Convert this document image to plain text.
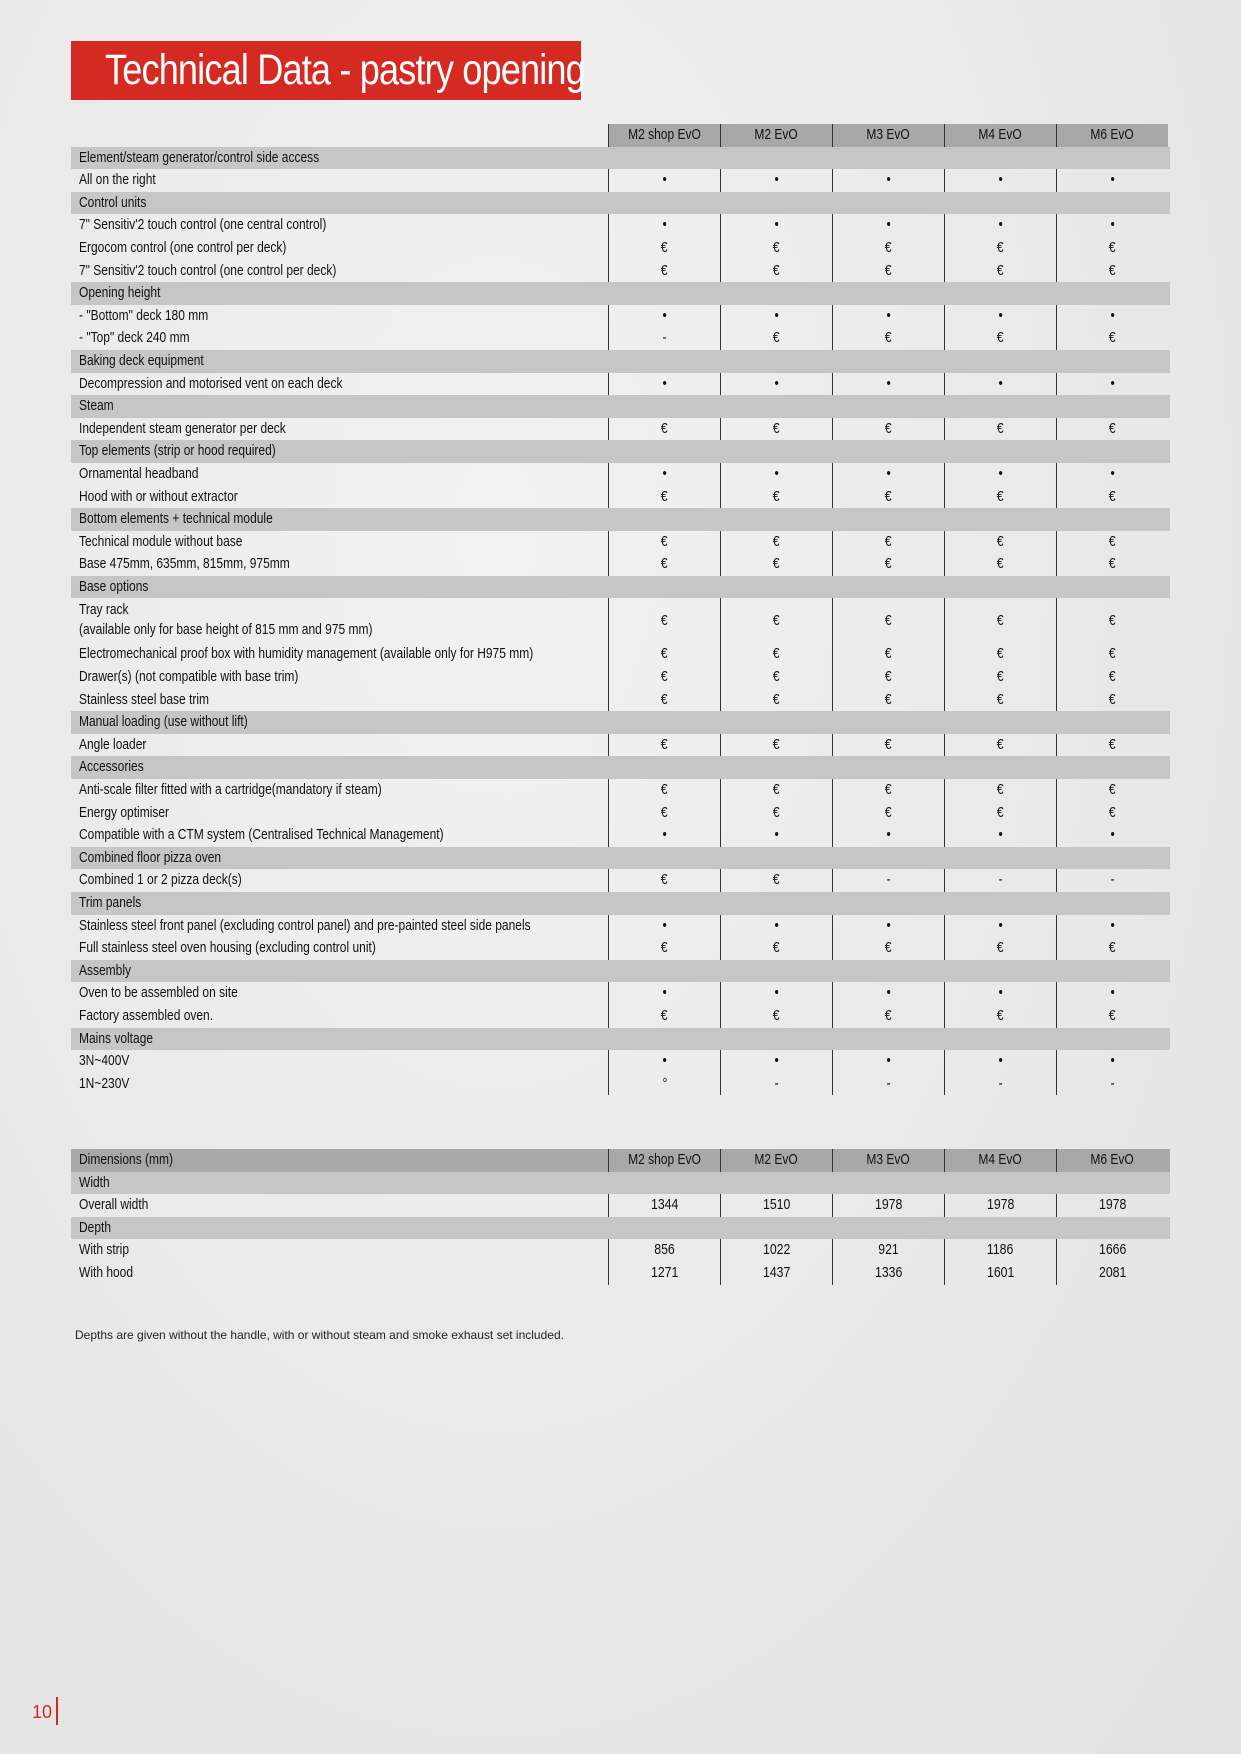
Technical Data - pastry opening
M2 shop EvO	M2 EvO	M3 EvO	M4 EvO	M6 EvO
Element/steam generator/control side access
All on the right	•	•	•	•	•
Control units
7" Sensitiv'2 touch control (one central control)	•	•	•	•	•
Ergocom control (one control per deck)	€	€	€	€	€
7" Sensitiv'2 touch control (one control per deck)	€	€	€	€	€
Opening height
- "Bottom" deck 180 mm	•	•	•	•	•
- "Top" deck 240 mm	-	€	€	€	€
Baking deck equipment
Decompression and motorised vent on each deck	•	•	•	•	•
Steam
Independent steam generator per deck	€	€	€	€	€
Top elements (strip or hood required)
Ornamental headband	•	•	•	•	•
Hood with or without extractor	€	€	€	€	€
Bottom elements + technical module
Technical module without base	€	€	€	€	€
Base 475mm, 635mm, 815mm, 975mm	€	€	€	€	€
Base options
Tray rack
(available only for base height of 815 mm and 975 mm)
€	€	€	€	€
Electromechanical proof box with humidity management (available only for H975 mm)	€	€	€	€	€
Drawer(s) (not compatible with base trim)	€	€	€	€	€
Stainless steel base trim	€	€	€	€	€
Manual loading (use without lift)
Angle loader	€	€	€	€	€
Accessories
Anti-scale filter fitted with a cartridge(mandatory if steam)	€	€	€	€	€
Energy optimiser	€	€	€	€	€
Compatible with a CTM system (Centralised Technical Management)	•	•	•	•	•
Combined floor pizza oven
Combined 1 or 2 pizza deck(s)	€	€	-	-	-
Trim panels
Stainless steel front panel (excluding control panel) and pre-painted steel side panels	•	•	•	•	•
Full stainless steel oven housing (excluding control unit)	€	€	€	€	€
Assembly
Oven to be assembled on site	•	•	•	•	•
Factory assembled oven.	€	€	€	€	€
Mains voltage
3N~400V	•	•	•	•	•
1N~230V	°	-	-	-	-
Dimensions (mm)	M2 shop EvO	M2 EvO	M3 EvO	M4 EvO	M6 EvO
Width
Overall width	1344	1510	1978	1978	1978
Depth
With strip	856	1022	921	1186	1666
With hood	1271	1437	1336	1601	2081
Depths are given without the handle, with or without steam and smoke exhaust set included.
10
